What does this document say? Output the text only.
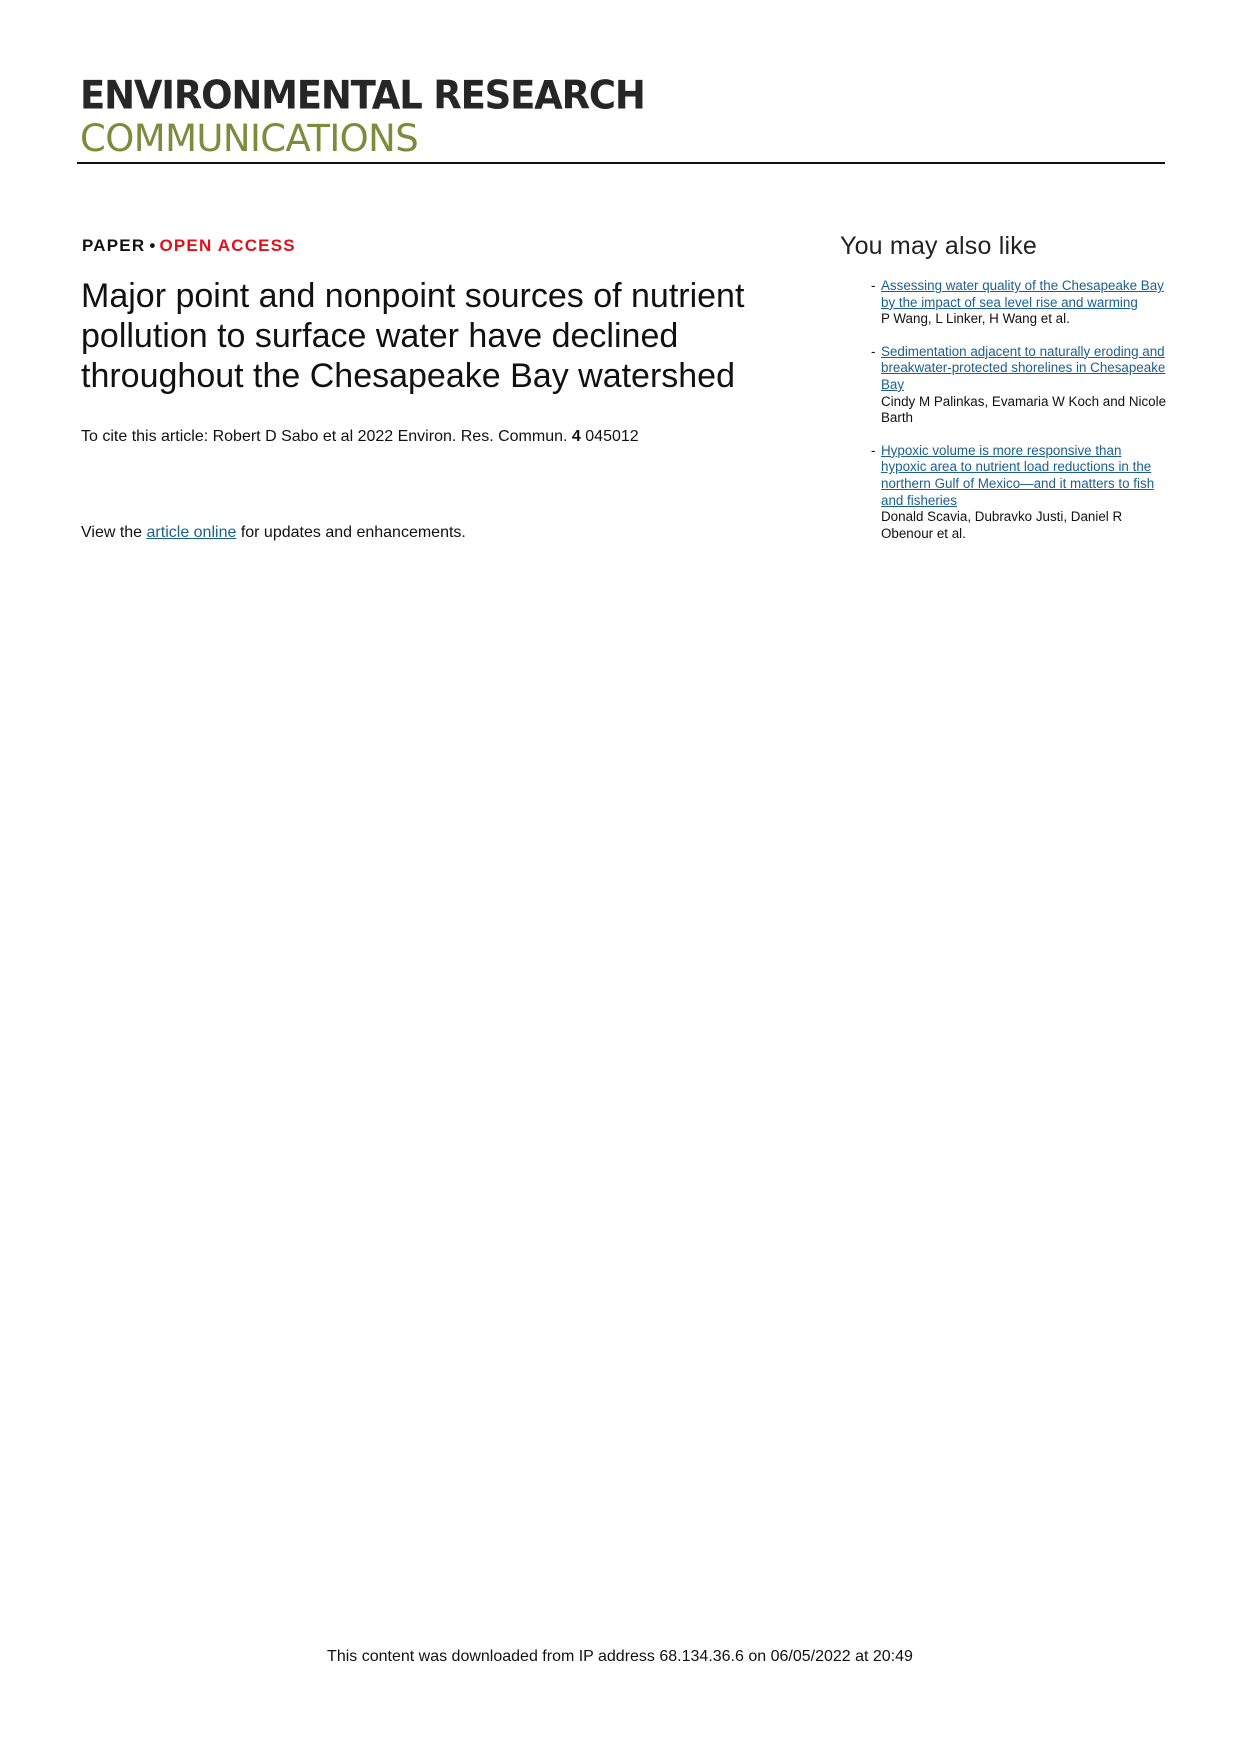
ENVIRONMENTAL RESEARCH
COMMUNICATIONS
PAPER • OPEN ACCESS
Major point and nonpoint sources of nutrient pollution to surface water have declined throughout the Chesapeake Bay watershed
To cite this article: Robert D Sabo et al 2022 Environ. Res. Commun. 4 045012
View the article online for updates and enhancements.
You may also like
- Assessing water quality of the Chesapeake Bay by the impact of sea level rise and warming
P Wang, L Linker, H Wang et al.
- Sedimentation adjacent to naturally eroding and breakwater-protected shorelines in Chesapeake Bay
Cindy M Palinkas, Evamaria W Koch and Nicole Barth
- Hypoxic volume is more responsive than hypoxic area to nutrient load reductions in the northern Gulf of Mexico—and it matters to fish and fisheries
Donald Scavia, Dubravko Justi, Daniel R Obenour et al.
This content was downloaded from IP address 68.134.36.6 on 06/05/2022 at 20:49
